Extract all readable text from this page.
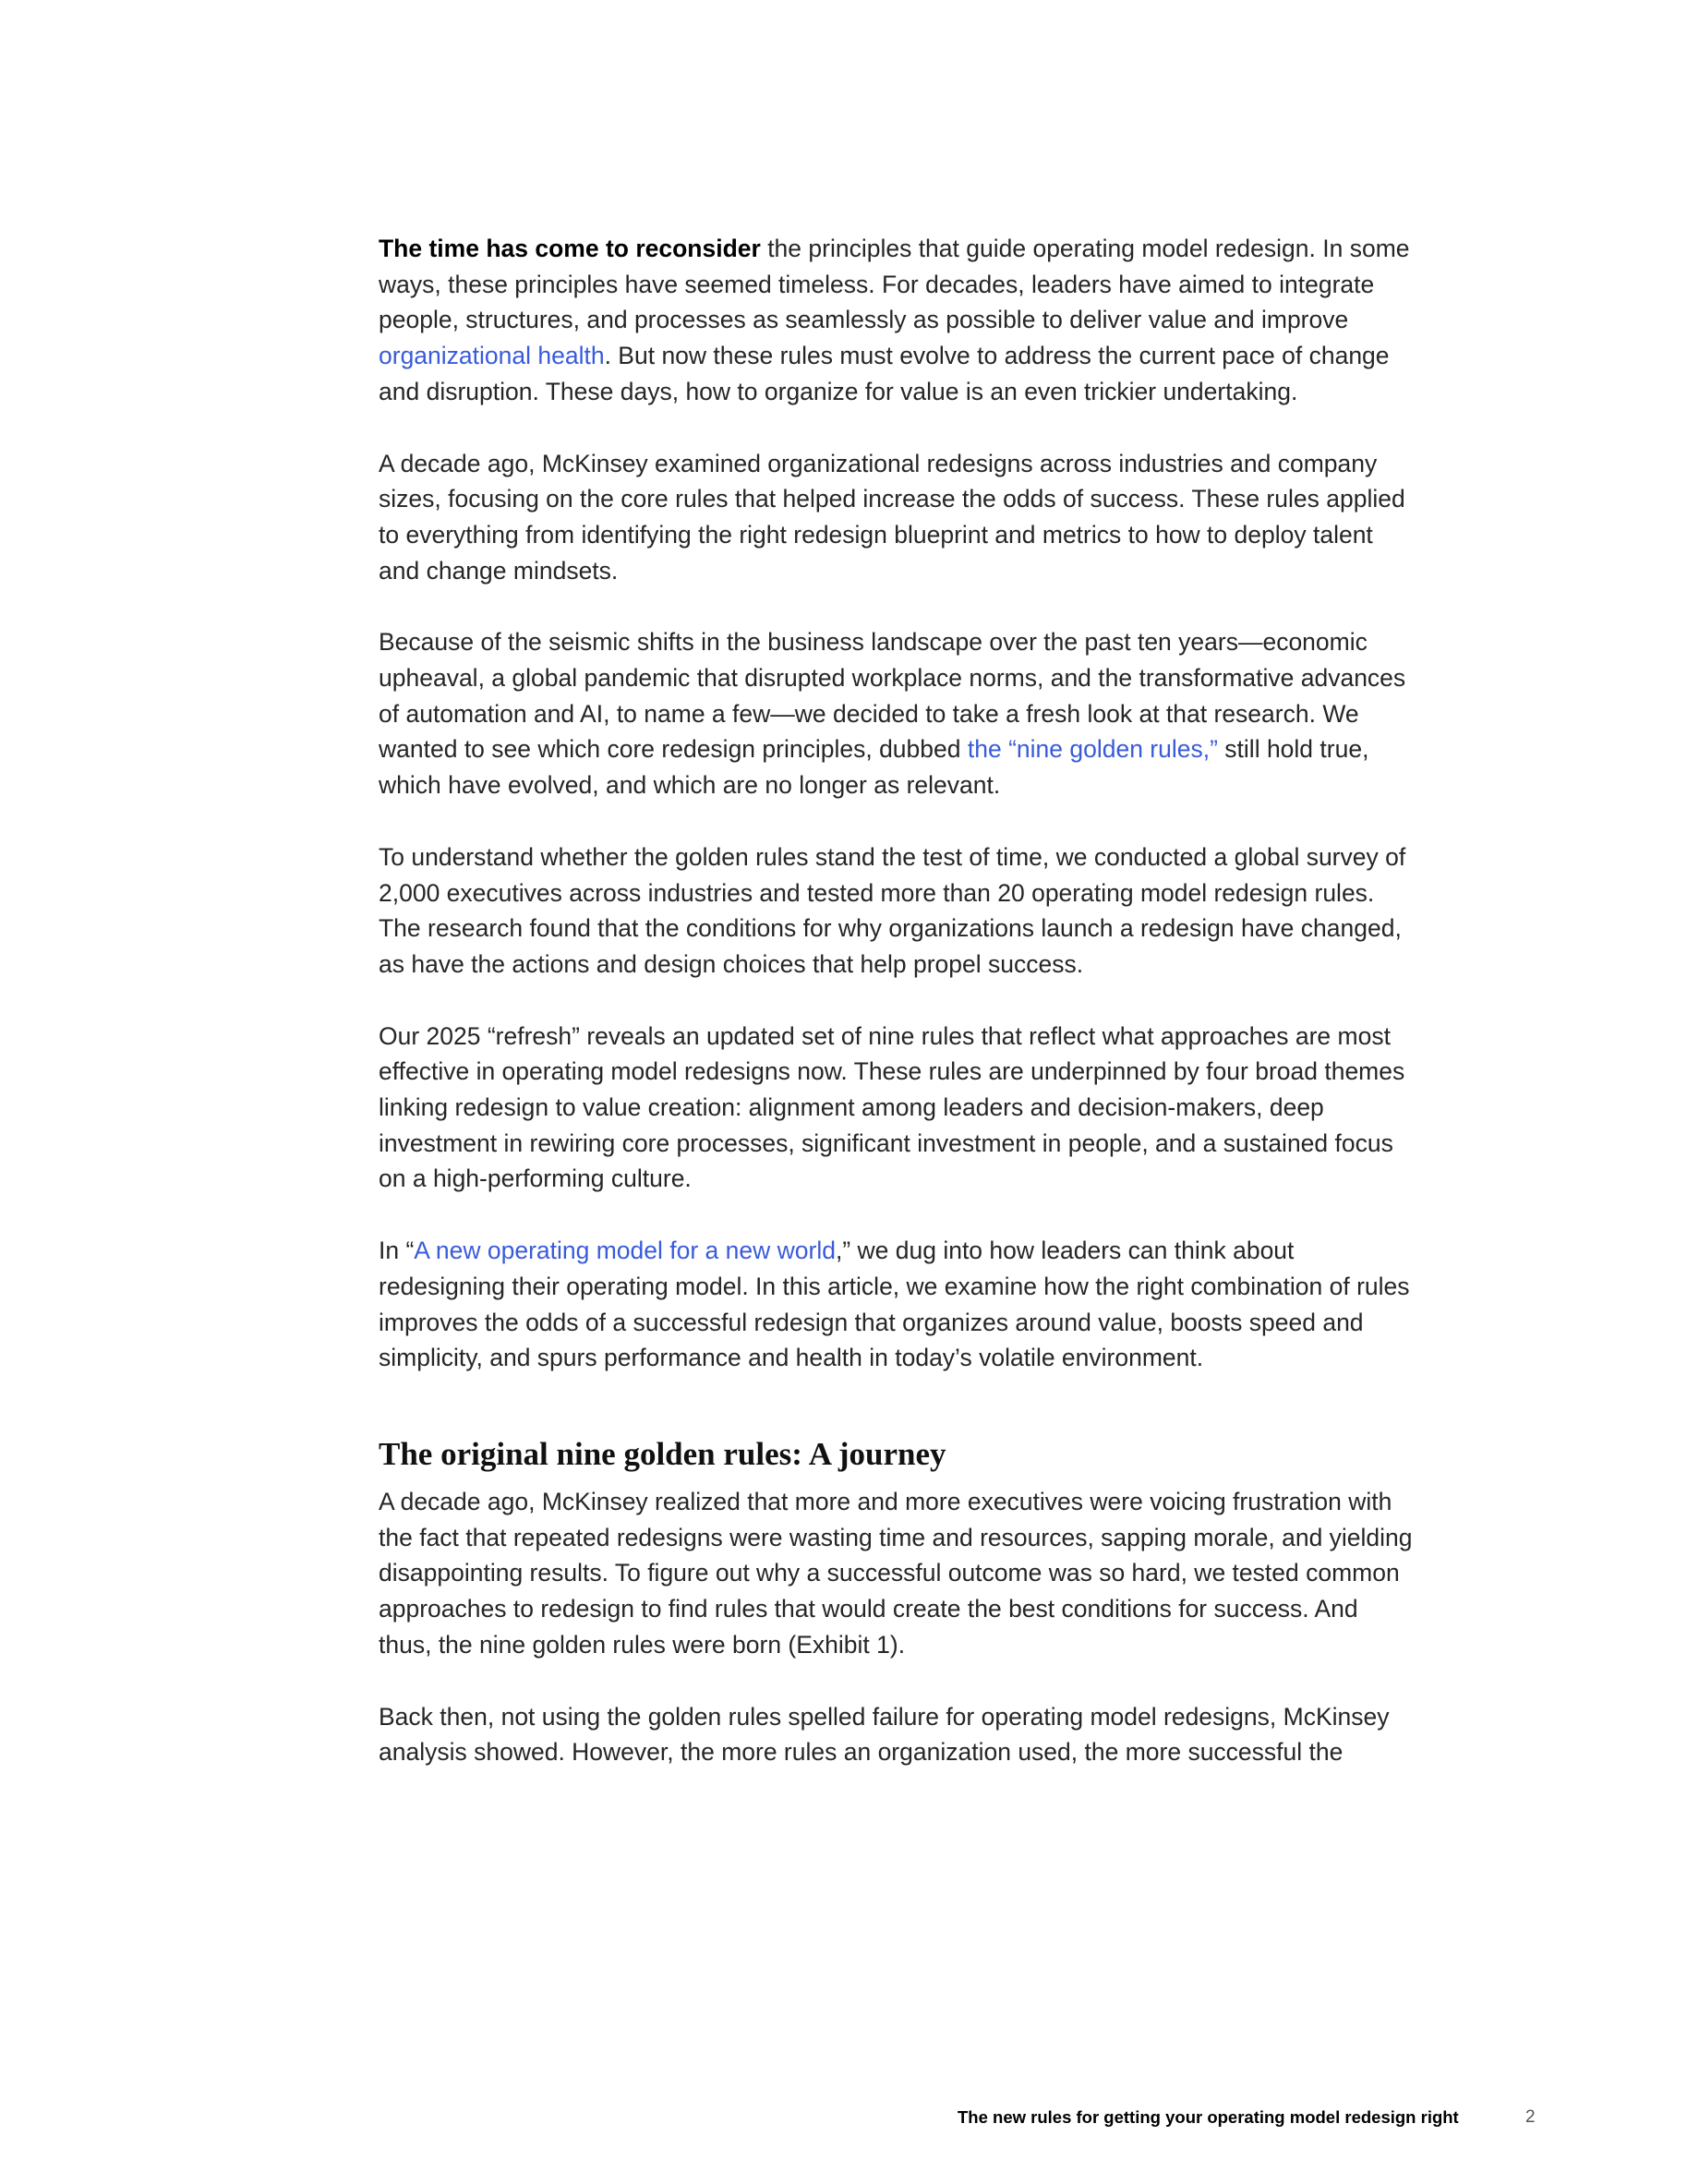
The time has come to reconsider the principles that guide operating model redesign. In some ways, these principles have seemed timeless. For decades, leaders have aimed to integrate people, structures, and processes as seamlessly as possible to deliver value and improve organizational health. But now these rules must evolve to address the current pace of change and disruption. These days, how to organize for value is an even trickier undertaking.

A decade ago, McKinsey examined organizational redesigns across industries and company sizes, focusing on the core rules that helped increase the odds of success. These rules applied to everything from identifying the right redesign blueprint and metrics to how to deploy talent and change mindsets.

Because of the seismic shifts in the business landscape over the past ten years—economic upheaval, a global pandemic that disrupted workplace norms, and the transformative advances of automation and AI, to name a few—we decided to take a fresh look at that research. We wanted to see which core redesign principles, dubbed the “nine golden rules,” still hold true, which have evolved, and which are no longer as relevant.

To understand whether the golden rules stand the test of time, we conducted a global survey of 2,000 executives across industries and tested more than 20 operating model redesign rules. The research found that the conditions for why organizations launch a redesign have changed, as have the actions and design choices that help propel success.

Our 2025 “refresh” reveals an updated set of nine rules that reflect what approaches are most effective in operating model redesigns now. These rules are underpinned by four broad themes linking redesign to value creation: alignment among leaders and decision-makers, deep investment in rewiring core processes, significant investment in people, and a sustained focus on a high-performing culture.

In “A new operating model for a new world,” we dug into how leaders can think about redesigning their operating model. In this article, we examine how the right combination of rules improves the odds of a successful redesign that organizes around value, boosts speed and simplicity, and spurs performance and health in today’s volatile environment.

The original nine golden rules: A journey

A decade ago, McKinsey realized that more and more executives were voicing frustration with the fact that repeated redesigns were wasting time and resources, sapping morale, and yielding disappointing results. To figure out why a successful outcome was so hard, we tested common approaches to redesign to find rules that would create the best conditions for success. And thus, the nine golden rules were born (Exhibit 1).

Back then, not using the golden rules spelled failure for operating model redesigns, McKinsey analysis showed. However, the more rules an organization used, the more successful the

The new rules for getting your operating model redesign right	2
